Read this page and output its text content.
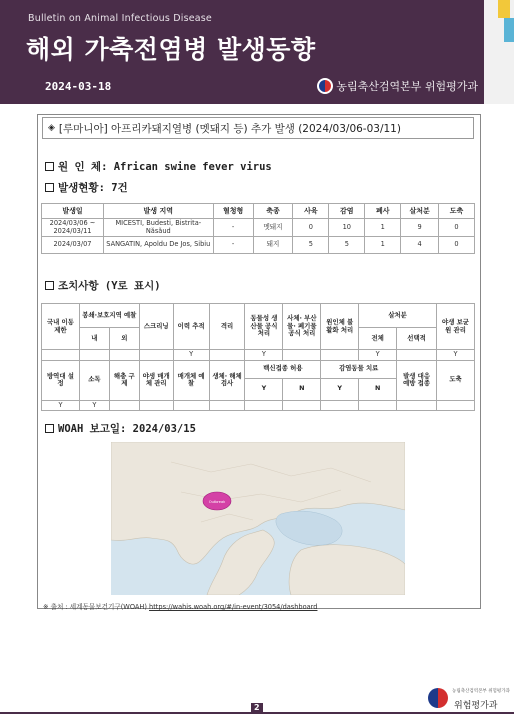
Bulletin on Animal Infectious Disease
해외 가축전염병 발생동향
2024-03-18	농림축산검역본부 위험평가과
◈ [루마니아] 아프리카돼지열병 (멧돼지 등) 추가 발생 (2024/03/06-03/11)
원 인 체: African swine fever virus
발생현황: 7건
발생일	발생 지역	혈청형	축종	사육	감염	폐사	살처분	도축
2024/03/06 ~ 2024/03/11	MICESTI, Budesti, Bistrita-Năsăud	-	멧돼지	0	10	1	9	0
2024/03/07	SANGATIN, Apoldu De Jos, Sibiu	-	돼지	5	5	1	4	0
조치사항 (Y로 표시)
국내 이동 제한	봉쇄·보호지역 예찰		스크리닝	이력 추적	격리	동물성 생산물 공식 처리	사체· 부산물· 폐기물 공식 처리	원인체 불활화 처리	살처분		야생 보균원 관리
	내	외							전체	선택적	
				Y		Y			Y		Y
방역대 설정	소독	해충 구제	야생 매개체 관리	매개체 예찰	생체· 해체 검사	백신접종 허용		감염동물 치료		발생 대응 예방 접종	도축
						Y	N	Y	N		
Y	Y										
WOAH 보고일: 2024/03/15
Outbreak
※ 출처 : 세계동물보건기구(WOAH) https://wahis.woah.org/#/in-event/3054/dashboard
농림축산검역본부 위험평가과
위험평가과
2
